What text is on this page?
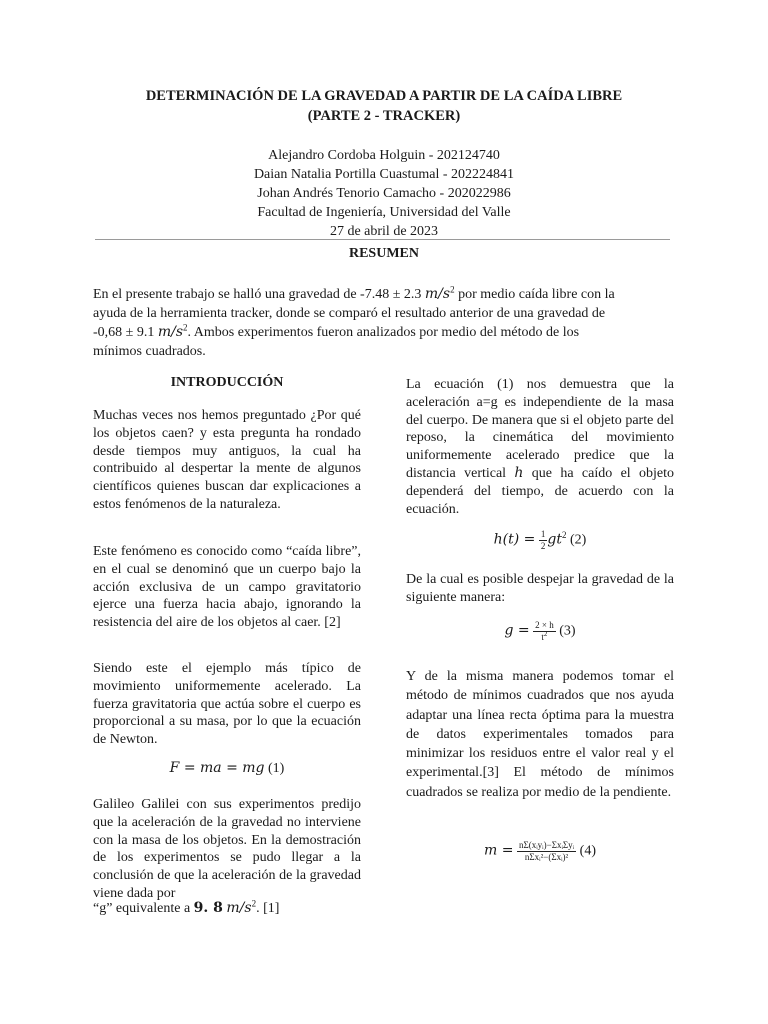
DETERMINACIÓN DE LA GRAVEDAD A PARTIR DE LA CAÍDA LIBRE
(PARTE 2 - TRACKER)
Alejandro Cordoba Holguin - 202124740
Daian Natalia Portilla Cuastumal - 202224841
Johan Andrés Tenorio Camacho - 202022986
Facultad de Ingeniería, Universidad del Valle
27 de abril de 2023
RESUMEN
En el presente trabajo se halló una gravedad de -7.48 ± 2.3 $m/s^2$ por medio caída libre con la
ayuda de la herramienta tracker, donde se comparó el resultado anterior de una gravedad de
-0,68 ± 9.1 $m/s^2$. Ambos experimentos fueron analizados por medio del método de los
mínimos cuadrados.
INTRODUCCIÓN
Muchas veces nos hemos preguntado ¿Por qué los objetos caen? y esta pregunta ha rondado desde tiempos muy antiguos, la cual ha contribuido al despertar la mente de algunos científicos quienes buscan dar explicaciones a estos fenómenos de la naturaleza.
Este fenómeno es conocido como “caída libre”, en el cual se denominó que un cuerpo bajo la acción exclusiva de un campo gravitatorio ejerce una fuerza hacia abajo, ignorando la resistencia del aire de los objetos al caer. [2]
Siendo este el ejemplo más típico de movimiento uniformemente acelerado. La fuerza gravitatoria que actúa sobre el cuerpo es proporcional a su masa, por lo que la ecuación de Newton.
F = ma = mg (1)
Galileo Galilei con sus experimentos predijo que la aceleración de la gravedad no interviene con la masa de los objetos. En la demostración de los experimentos se pudo llegar a la conclusión de que la aceleración de la gravedad viene dada por
“g” equivalente a 9. 8 $m/s^2$. [1]
La ecuación (1) nos demuestra que la aceleración a=g es independiente de la masa del cuerpo. De manera que si el objeto parte del reposo, la cinemática del movimiento uniformemente acelerado predice que la distancia vertical h que ha caído el objeto dependerá del tiempo, de acuerdo con la ecuación.
$h(t) = \frac{1}{2} gt^2$ (2)
De la cual es posible despejar la gravedad de la siguiente manera:
$g = \frac{2 \times h}{t^2} (3)$
Y de la misma manera podemos tomar el método de mínimos cuadrados que nos ayuda adaptar una línea recta óptima para la muestra de datos experimentales tomados para minimizar los residuos entre el valor real y el experimental.[3] El método de mínimos cuadrados se realiza por medio de la pendiente.
$m = \frac{\text{nΣ(xᵢyᵢ)−ΣxᵢΣyᵢ}}{\text{nΣxᵢ²−(Σxᵢ)²}} (4)$
